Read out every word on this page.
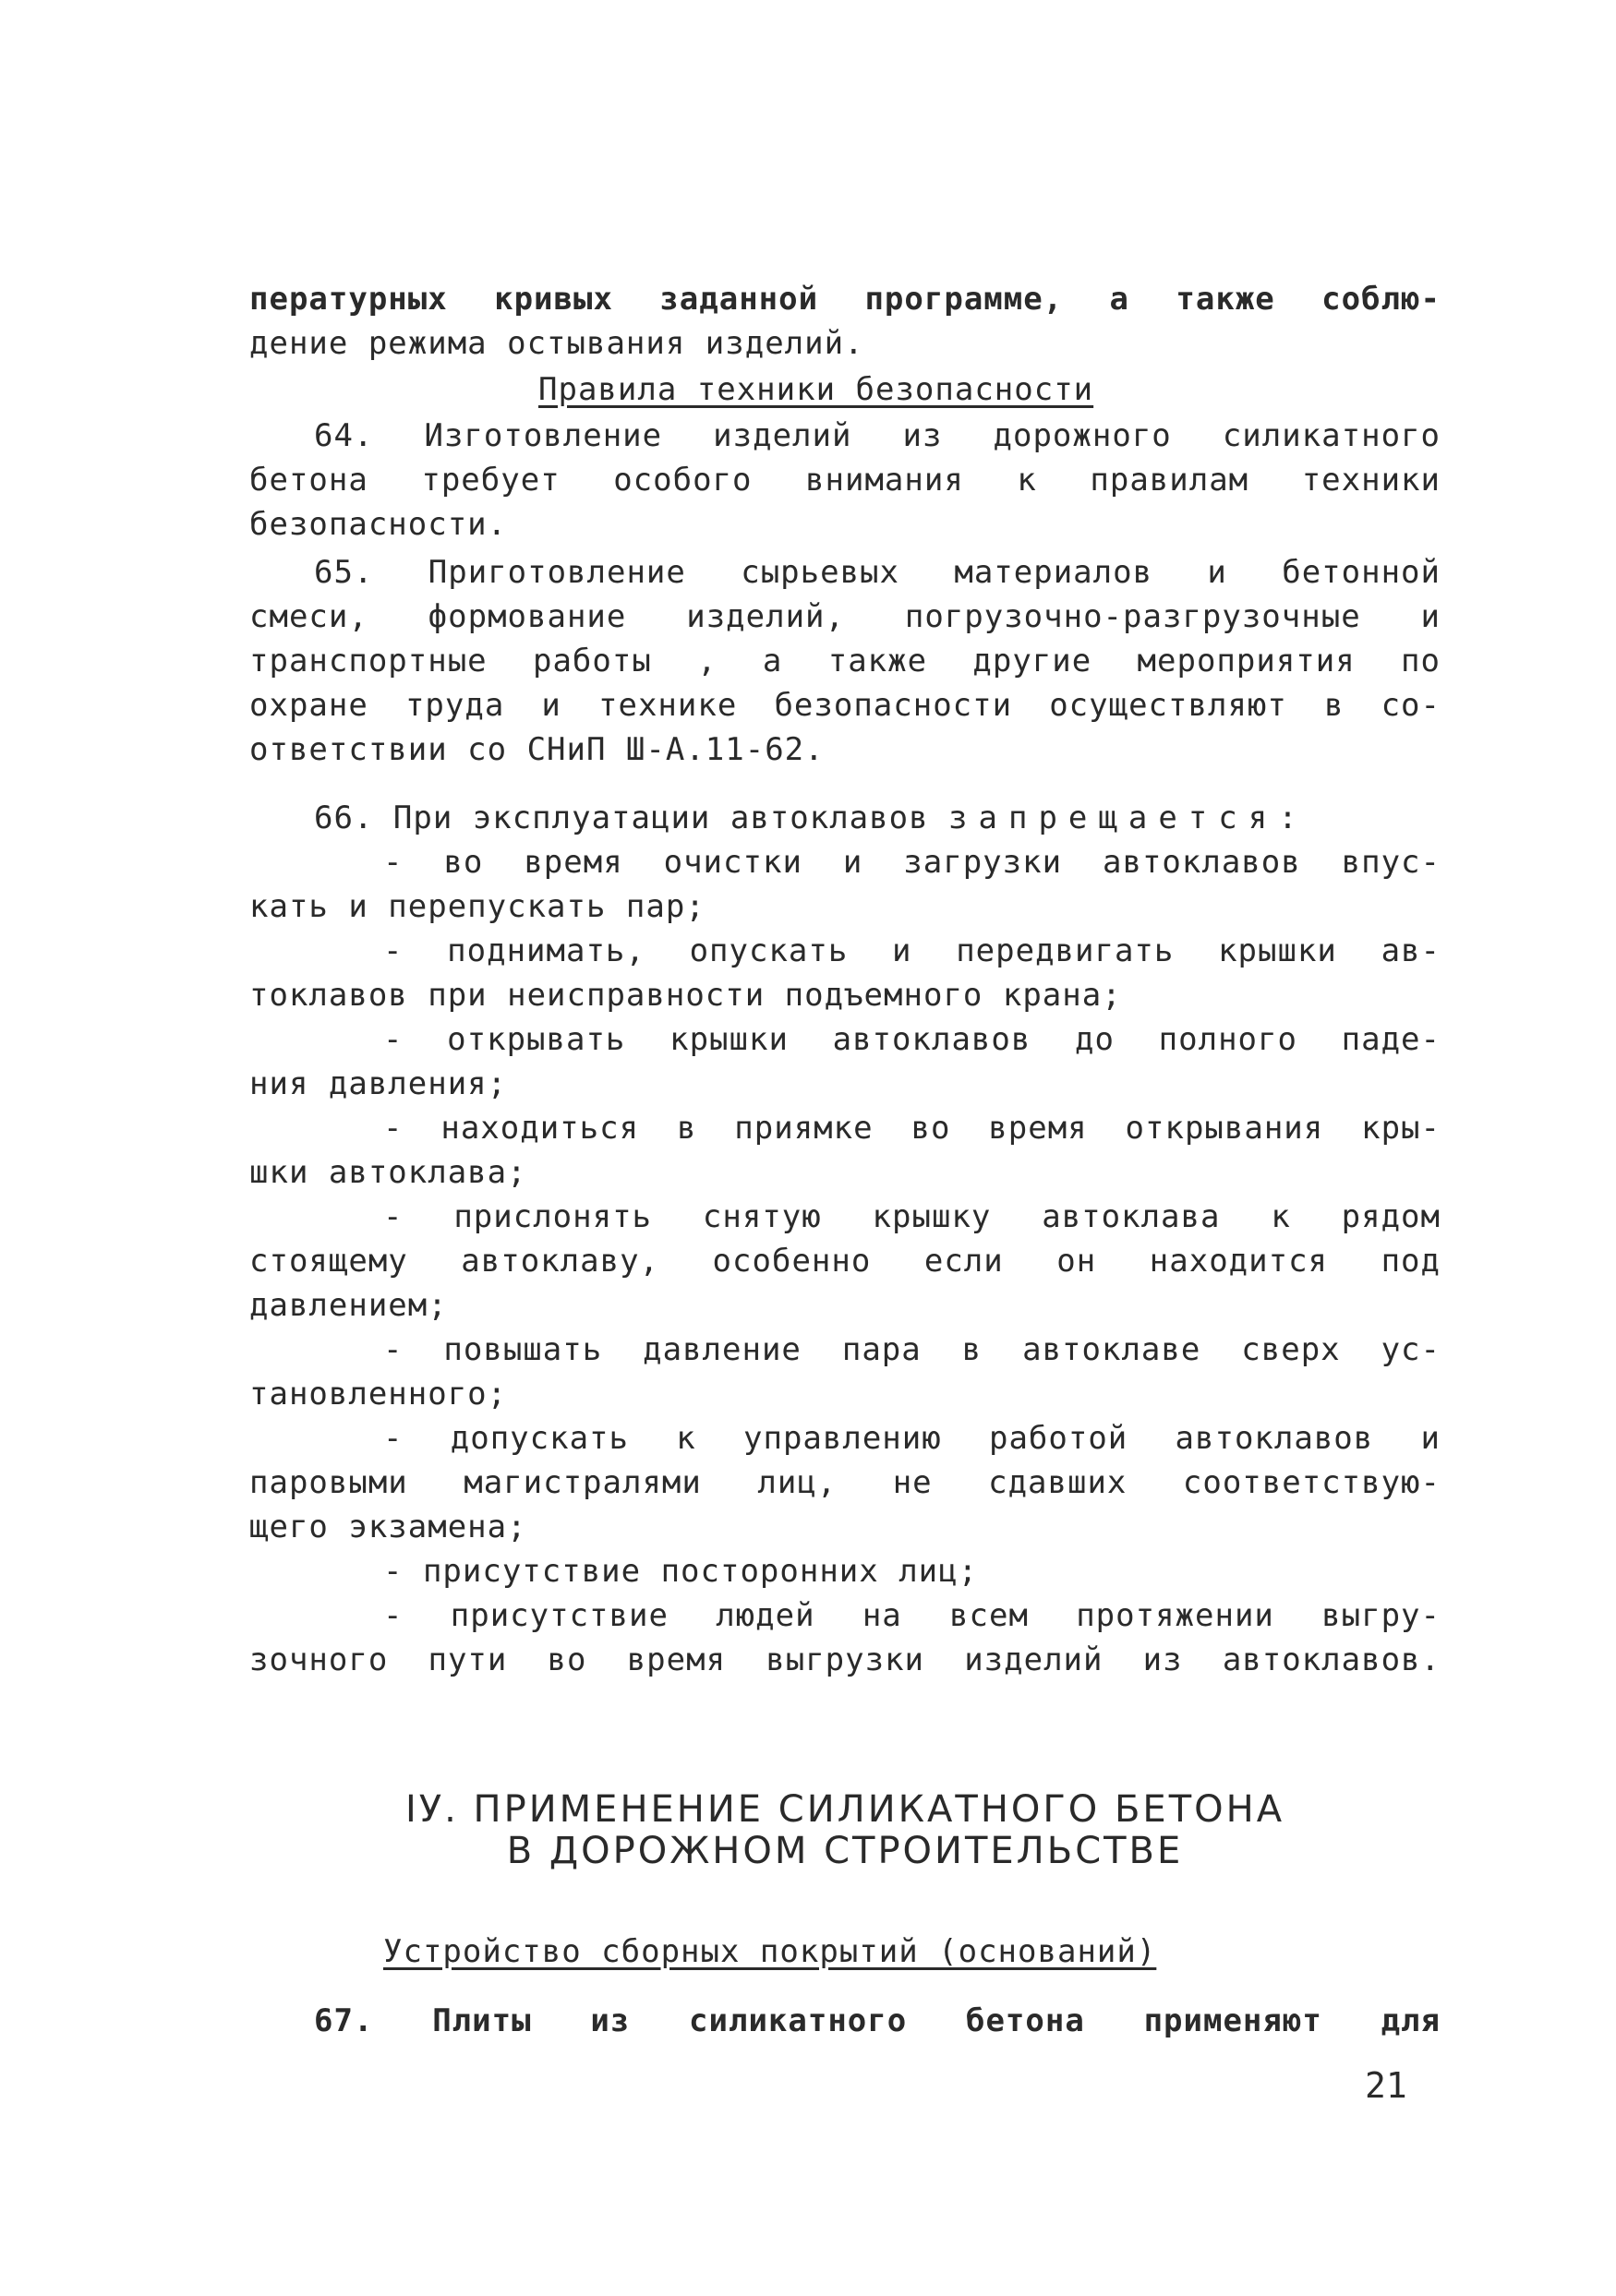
пературных кривых заданной программе, а также соблю-
дение режима остывания изделий.
Правила техники безопасности
64. Изготовление изделий из дорожного силикатного
бетона требует особого внимания к правилам техники
безопасности.
65. Приготовление сырьевых материалов и бетонной
смеси, формование изделий, погрузочно-разгрузочные и
транспортные работы , а также другие мероприятия по
охране труда и технике безопасности осуществляют в со-
ответствии со СНиП Ш-А.11-62.
66. При эксплуатации автоклавов запрещается:
- во время очистки и загрузки автоклавов впус-
кать и перепускать пар;
- поднимать, опускать и передвигать крышки ав-
токлавов при неисправности подъемного крана;
- открывать крышки автоклавов до полного паде-
ния давления;
- находиться в приямке во время открывания кры-
шки автоклава;
- прислонять снятую крышку автоклава к рядом
стоящему автоклаву, особенно если он находится под
давлением;
- повышать давление пара в автоклаве сверх ус-
тановленного;
- допускать к управлению работой автоклавов и
паровыми магистралями лиц, не сдавших соответствую-
щего экзамена;
- присутствие посторонних лиц;
- присутствие людей на всем протяжении выгру-
зочного пути во время выгрузки изделий из автоклавов.
IУ. ПРИМЕНЕНИЕ СИЛИКАТНОГО БЕТОНА
В ДОРОЖНОМ СТРОИТЕЛЬСТВЕ
Устройство сборных покрытий (оснований)
67. Плиты из силикатного бетона применяют для
21
